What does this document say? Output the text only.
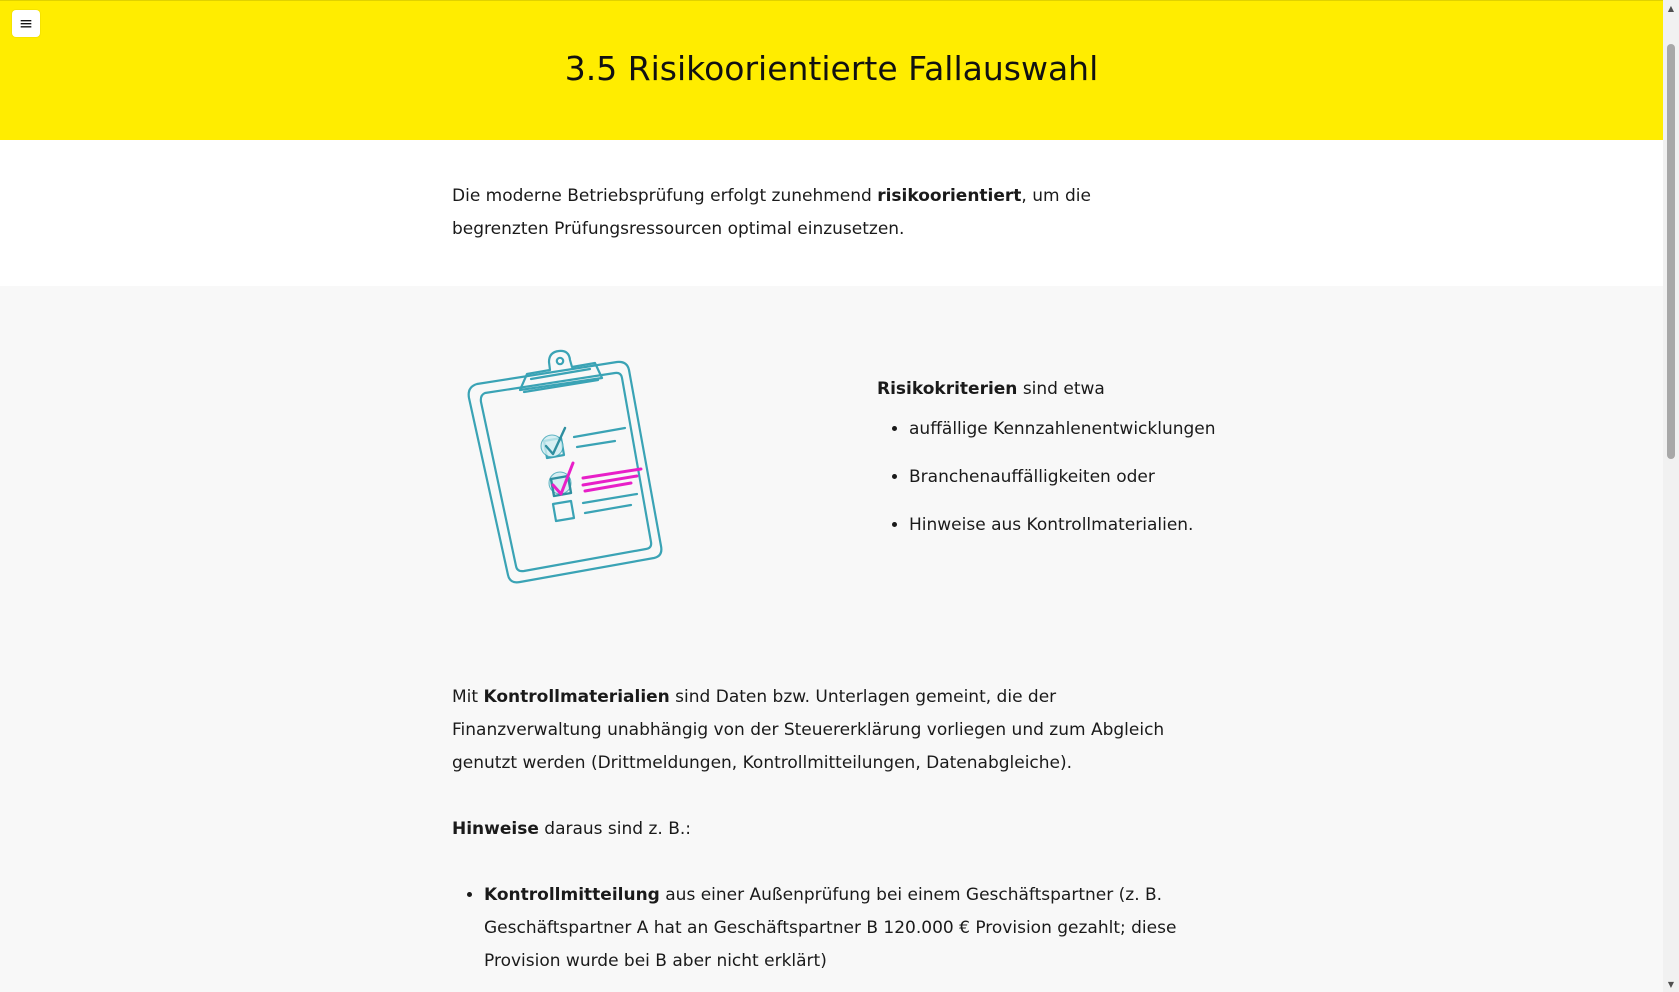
≡
3.5 Risikoorientierte Fallauswahl

Die moderne Betriebsprüfung erfolgt zunehmend risikoorientiert, um die begrenzten Prüfungsressourcen optimal einzusetzen.

Risikokriterien sind etwa

• auffällige Kennzahlenentwicklungen
• Branchenauffälligkeiten oder
• Hinweise aus Kontrollmaterialien.

Mit Kontrollmaterialien sind Daten bzw. Unterlagen gemeint, die der Finanzverwaltung unabhängig von der Steuererklärung vorliegen und zum Abgleich genutzt werden (Drittmeldungen, Kontrollmitteilungen, Datenabgleiche).

Hinweise daraus sind z. B.:

• Kontrollmitteilung aus einer Außenprüfung bei einem Geschäftspartner (z. B. Geschäftspartner A hat an Geschäftspartner B 120.000 € Provision gezahlt; diese Provision wurde bei B aber nicht erklärt)
▲
▼
